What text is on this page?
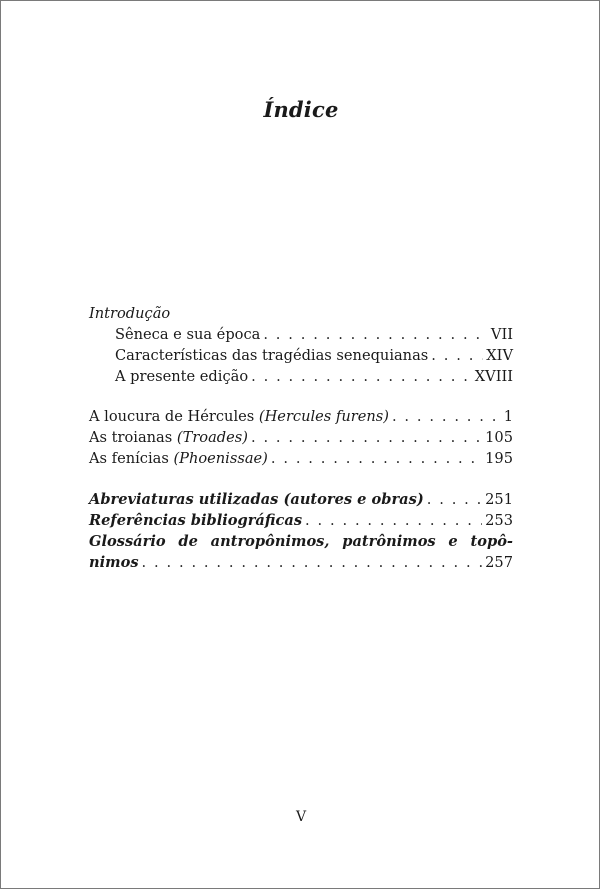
Índice
Introdução
Sêneca e sua época . . .	VII
Características das tragédias senequianas . . .	XIV
A presente edição . . .	XVIII
A loucura de Hércules (Hercules furens) . . .	1
As troianas (Troades) . . .	105
As fenícias (Phoenissae) . . .	195
Abreviaturas utilizadas (autores e obras) . . .	251
Referências bibliográficas . . .	253
Glossário de antropônimos, patrônimos e topô-
nimos . . .	257
V
